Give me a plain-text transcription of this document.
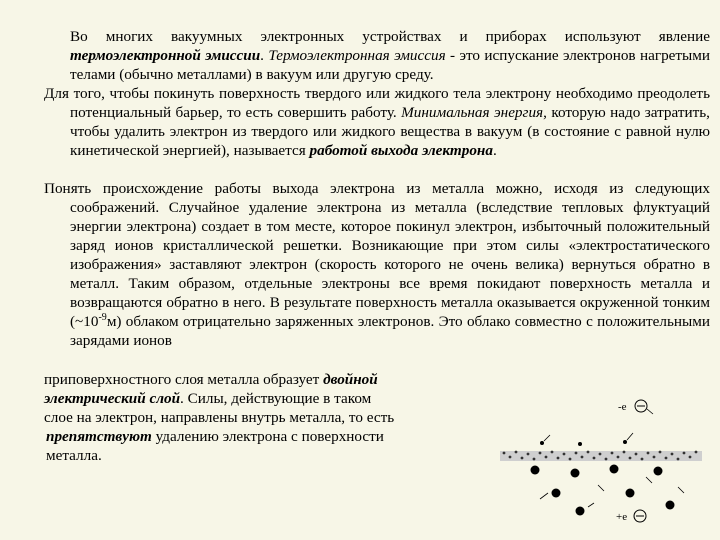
Во многих вакуумных электронных устройствах и приборах используют явление термоэлектронной эмиссии. Термоэлектронная эмиссия - это испускание электронов нагретыми телами (обычно металлами) в вакуум или другую среду.
Для того, чтобы покинуть поверхность твердого или жидкого тела электрону необходимо преодолеть потенциальный барьер, то есть совершить работу. Минимальная энергия, которую надо затратить, чтобы удалить электрон из твердого или жидкого вещества в вакуум (в состояние с равной нулю кинетической энергией), называется работой выхода электрона.
Понять происхождение работы выхода электрона из металла можно, исходя из следующих соображений. Случайное удаление электрона из металла (вследствие тепловых флуктуаций энергии электрона) создает в том месте, которое покинул электрон, избыточный положительный заряд ионов кристаллической решетки. Возникающие при этом силы «электростатического изображения» заставляют электрон (скорость которого не очень велика) вернуться обратно в металл. Таким образом, отдельные электроны все время покидают поверхность металла и возвращаются обратно в него. В результате поверхность металла оказывается окруженной тонким $(\sim 10^{-9}м)$ облаком отрицательно заряженных электронов. Это облако совместно с положительными зарядами ионов
приповерхностного слоя металла образует двойной
электрический слой. Силы, действующие в таком
слое на электрон, направлены внутрь металла, то есть
препятствуют удалению электрона с поверхности
металла.
-e
+e
